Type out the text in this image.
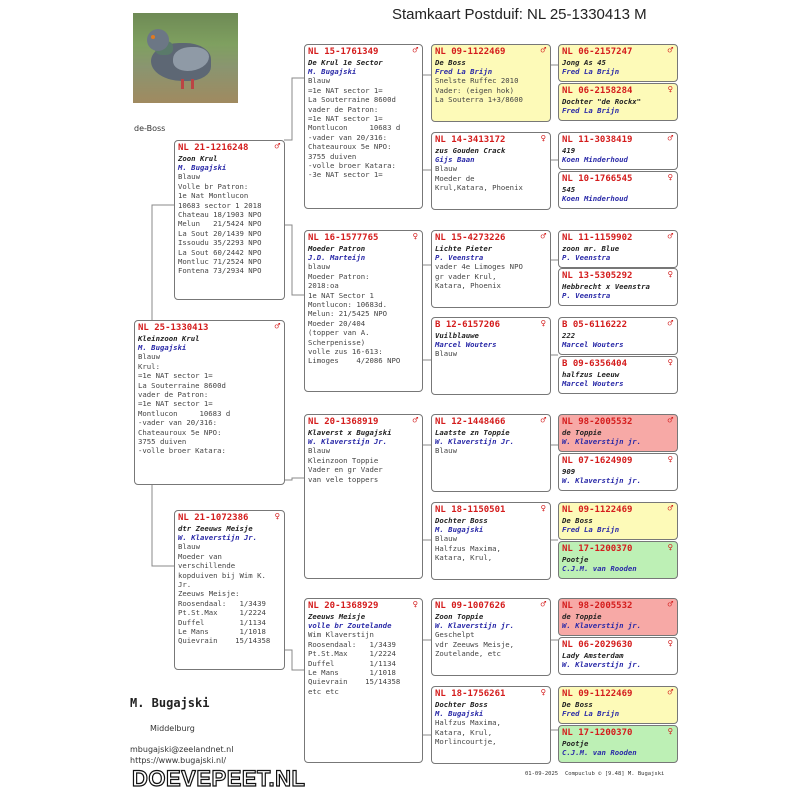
Stamkaart Postduif: NL 25-1330413 M
de-Boss
NL 25-1330413	♂
Kleinzoon Krul
M. Bugajski
Blauw
Krul:
=1e NAT sector 1=
La Souterraine 8600d
vader de Patron:
=1e NAT sector 1=
Montlucon     10683 d
-vader van 20/316:
Chateauroux 5e NPO:
3755 duiven
-volle broer Katara:
NL 21-1216248	♂
Zoon Krul
M. Bugajski
Blauw
Volle br Patron:
1e Nat Montlucon
10683 sector 1 2018
Chateau 18/1903 NPO
Melun   21/5424 NPO
La Sout 20/1439 NPO
Issoudu 35/2293 NPO
La Sout 60/2442 NPO
Montluc 71/2524 NPO
Fontena 73/2934 NPO
NL 21-1072386	♀
dtr Zeeuws Meisje
W. Klaverstijn Jr.
Blauw
Moeder van
verschillende
kopduiven bij Wim K.
Jr.
Zeeuws Meisje:
Roosendaal:   1/3439
Pt.St.Max     1/2224
Duffel        1/1134
Le Mans       1/1018
Quievrain    15/14358
NL 15-1761349	♂
De Krul 1e Sector
M. Bugajski
Blauw
=1e NAT sector 1=
La Souterraine 8600d
vader de Patron:
=1e NAT sector 1=
Montlucon     10683 d
-vader van 20/316:
Chateauroux 5e NPO:
3755 duiven
-volle broer Katara:
-3e NAT sector 1=
NL 16-1577765	♀
Moeder Patron
J.D. Marteijn
blauw
Moeder Patron:
2018:oa
1e NAT Sector 1
Montlucon: 10683d.
Melun: 21/5425 NPO
Moeder 20/404
(topper van A.
Scherpenisse)
volle zus 16-613:
Limoges    4/2086 NPO
NL 20-1368919	♂
Klaverst x Bugajski
W. Klaverstijn Jr.
Blauw
Kleinzoon Toppie
Vader en gr Vader
van vele toppers
NL 20-1368929	♀
Zeeuws Meisje
volle br Zoutelande
Wim Klaverstijn
Roosendaal:   1/3439
Pt.St.Max     1/2224
Duffel        1/1134
Le Mans       1/1018
Quievrain    15/14358
etc etc
NL 09-1122469	♂
De Boss
Fred La Brijn
Snelste Ruffec 2010
Vader: (eigen hok)
La Souterra 1+3/8600
NL 14-3413172	♀
zus Gouden Crack
Gijs Baan
Blauw
Moeder de
Krul,Katara, Phoenix
NL 15-4273226	♂
Lichte Pieter
P. Veenstra
vader 4e Limoges NPO
gr vader Krul,
Katara, Phoenix
B 12-6157206	♀
Vuilblauwe
Marcel Wouters
Blauw
NL 12-1448466	♂
Laatste zn Toppie
W. Klaverstijn Jr.
Blauw
NL 18-1150501	♀
Dochter Boss
M. Bugajski
Blauw
Halfzus Maxima,
Katara, Krul,
NL 09-1007626	♂
Zoon Toppie
W. Klaverstijn jr.
Geschelpt
vdr Zeeuws Meisje,
Zoutelande, etc
NL 18-1756261	♀
Dochter Boss
M. Bugajski
Halfzus Maxima,
Katara, Krul,
Morlincourtje,
NL 06-2157247	♂
Jong As 45
Fred La Brijn
NL 06-2158284	♀
Dochter "de Rockx"
Fred La Brijn
NL 11-3038419	♂
419
Koen Minderhoud
NL 10-1766545	♀
545
Koen Minderhoud
NL 11-1159902	♂
zoon mr. Blue
P. Veenstra
NL 13-5305292	♀
Hebbrecht x Veenstra
P. Veenstra
B 05-6116222	♂
222
Marcel Wouters
B 09-6356404	♀
halfzus Leeuw
Marcel Wouters
NL 98-2005532	♂
de Toppie
W. Klaverstijn jr.
NL 07-1624909	♀
909
W. Klaverstijn jr.
NL 09-1122469	♂
De Boss
Fred La Brijn
NL 17-1200370	♀
Pootje
C.J.M. van Rooden
NL 98-2005532	♂
de Toppie
W. Klaverstijn jr.
NL 06-2029630	♀
Lady Amsterdam
W. Klaverstijn jr.
NL 09-1122469	♂
De Boss
Fred La Brijn
NL 17-1200370	♀
Pootje
C.J.M. van Rooden
M. Bugajski
Middelburg
mbugajski@zeelandnet.nl
https://www.bugajski.nl/
DOEVEPEET.NL	01-09-2025 Compuclub © [9.48] M. Bugajski
